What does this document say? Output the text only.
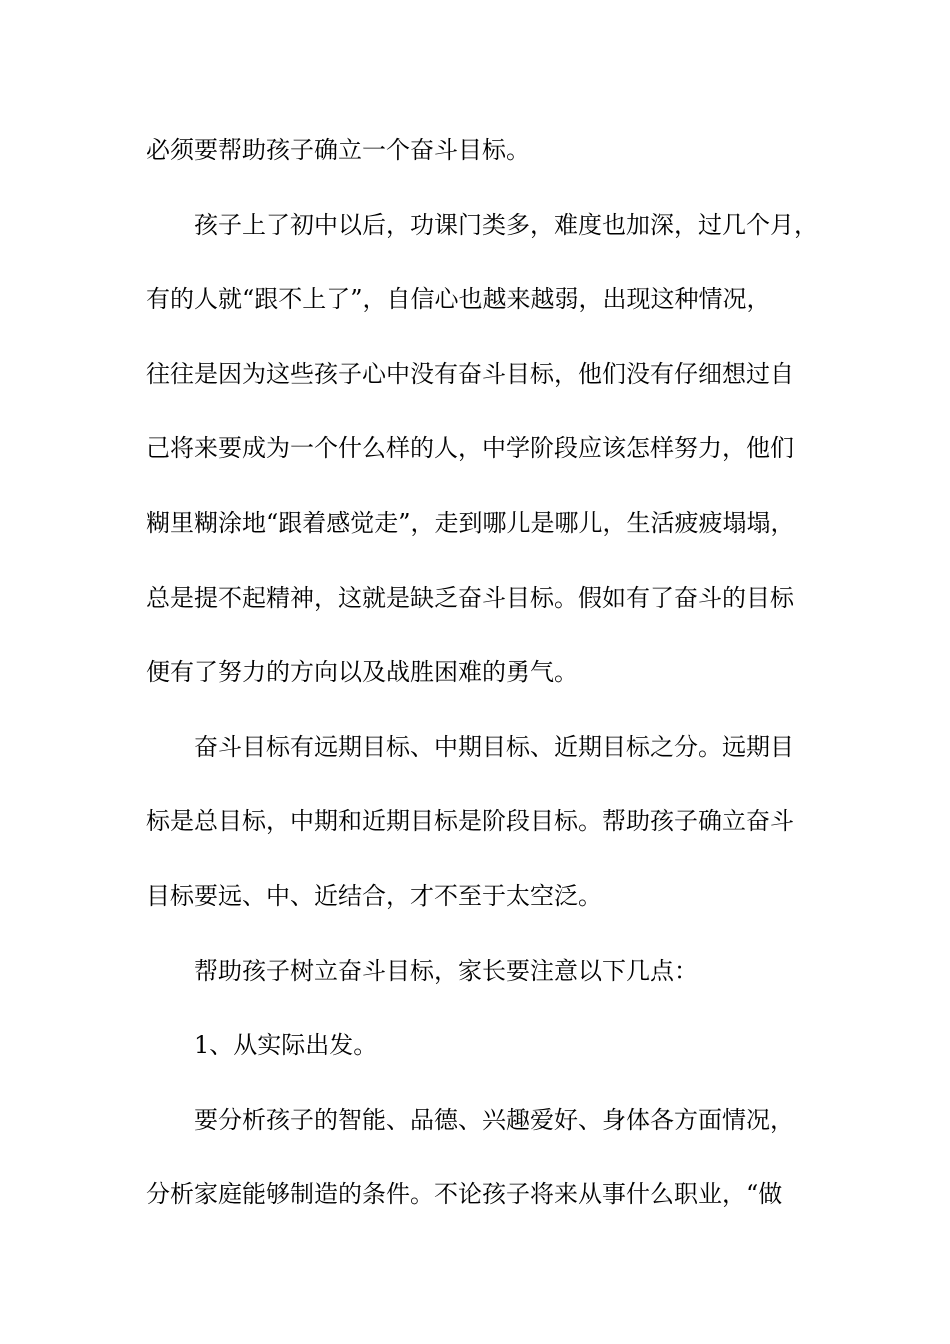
必须要帮助孩子确立一个奋斗目标。
孩子上了初中以后，功课门类多，难度也加深，过几个月，
有的人就“跟不上了”，自信心也越来越弱，出现这种情况，
往往是因为这些孩子心中没有奋斗目标，他们没有仔细想过自
己将来要成为一个什么样的人，中学阶段应该怎样努力，他们
糊里糊涂地“跟着感觉走”，走到哪儿是哪儿，生活疲疲塌塌，
总是提不起精神，这就是缺乏奋斗目标。假如有了奋斗的目标
便有了努力的方向以及战胜困难的勇气。
奋斗目标有远期目标、中期目标、近期目标之分。远期目
标是总目标，中期和近期目标是阶段目标。帮助孩子确立奋斗
目标要远、中、近结合，才不至于太空泛。
帮助孩子树立奋斗目标，家长要注意以下几点：
1、从实际出发。
要分析孩子的智能、品德、兴趣爱好、身体各方面情况，
分析家庭能够制造的条件。不论孩子将来从事什么职业，“做
